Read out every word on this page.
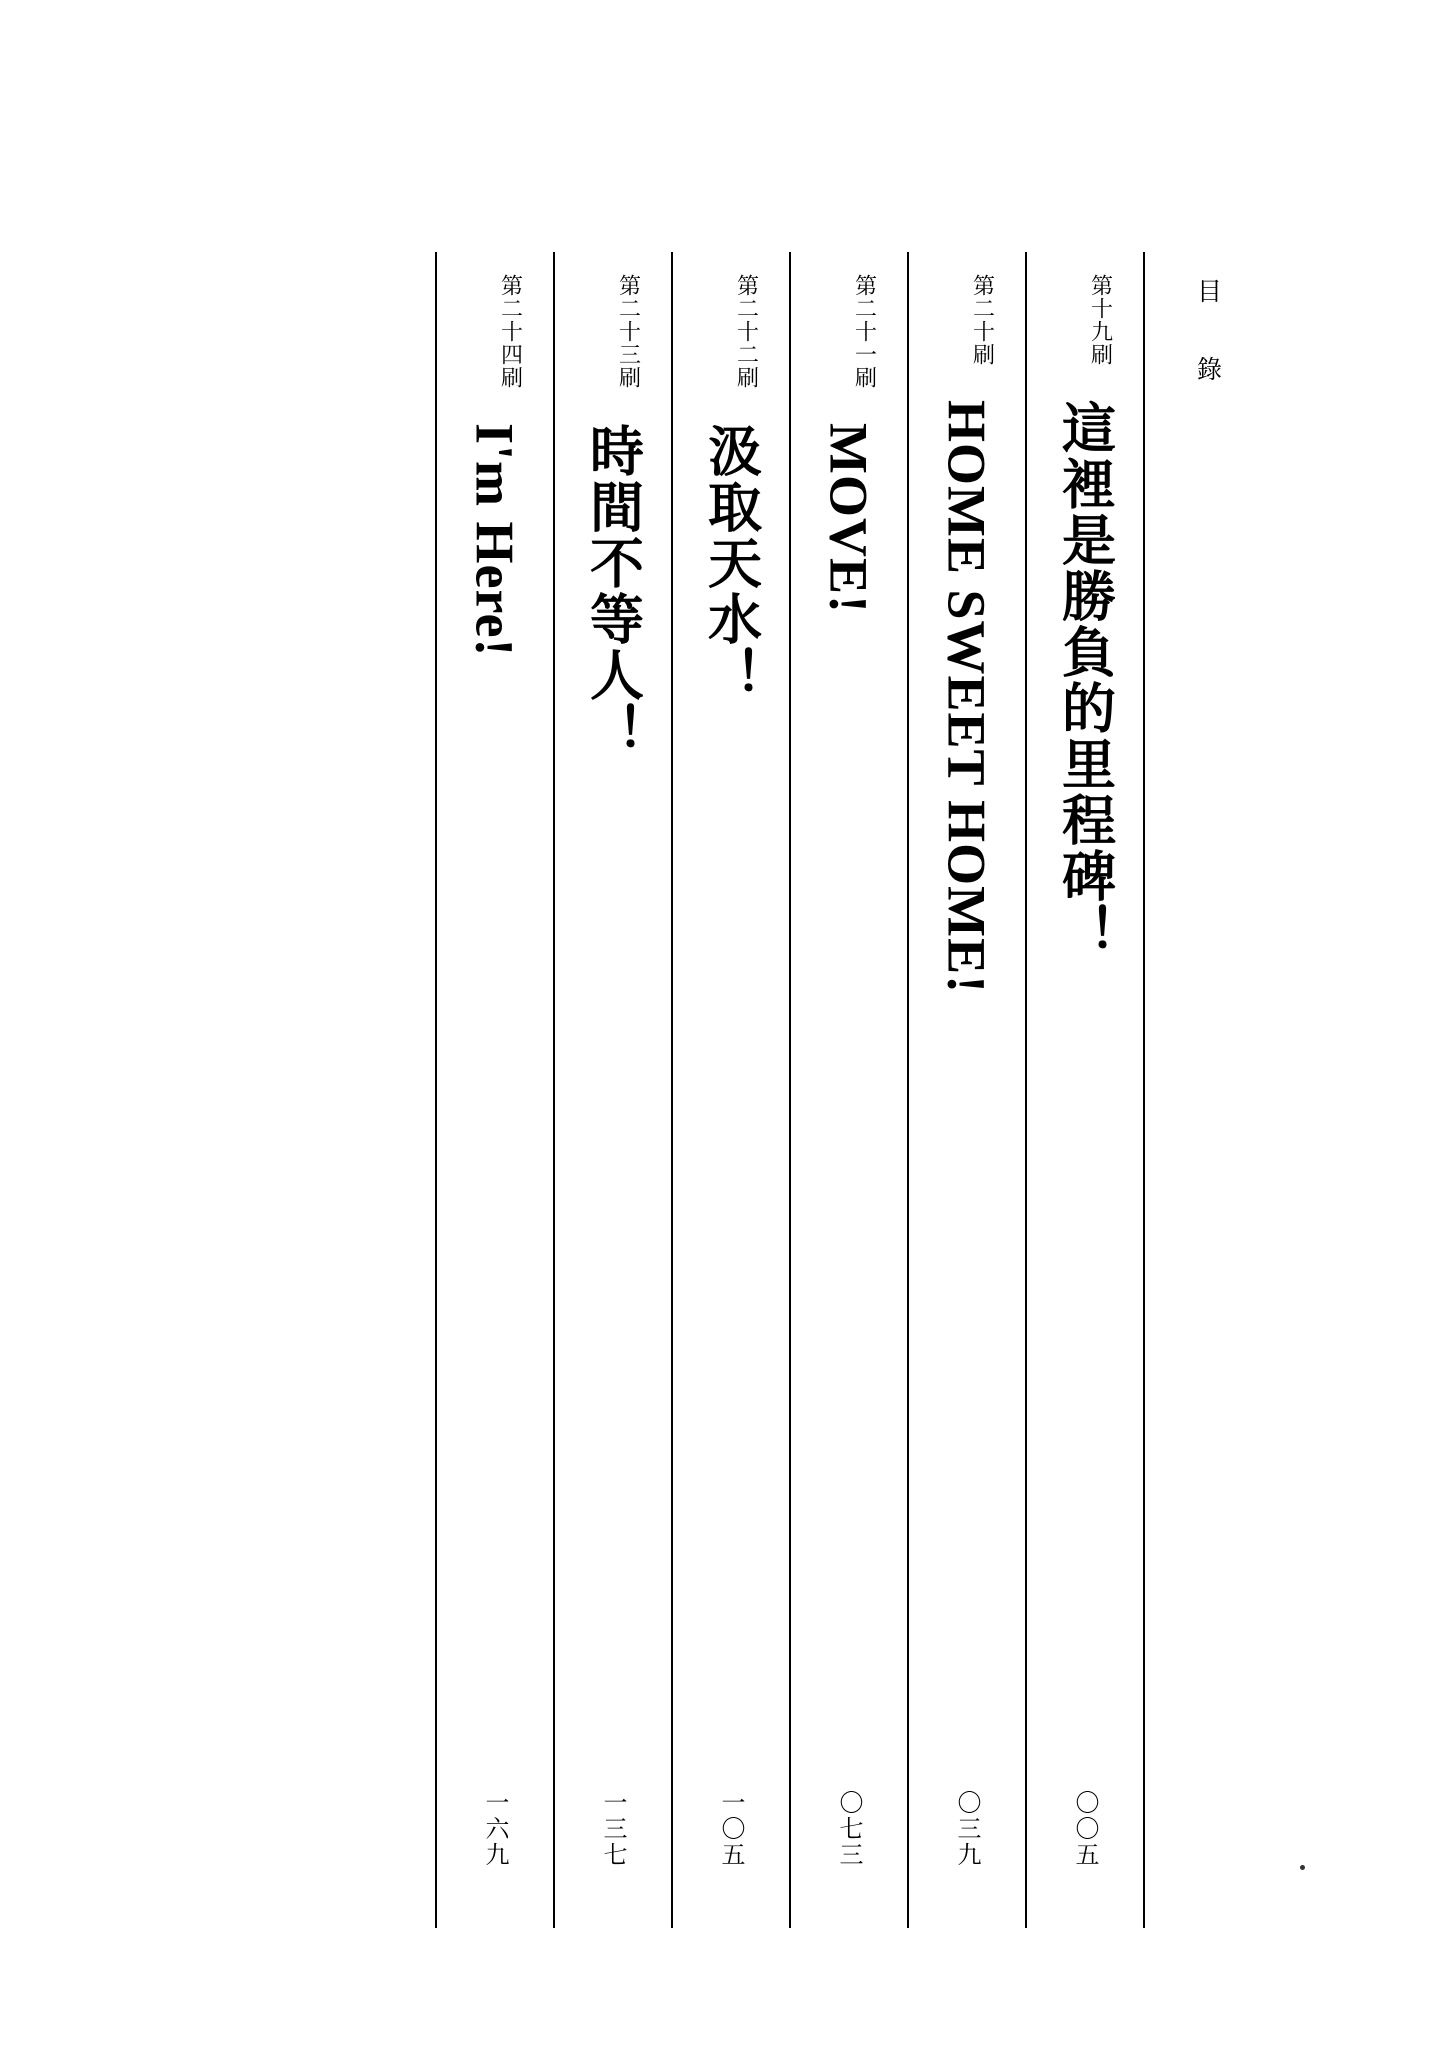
目　錄
第十九刷
這裡是勝負的里程碑！
〇〇五
第二十刷
HOME SWEET HOME!
〇三九
第二十一刷
MOVE!
〇七三
第二十二刷
汲取天水！
一〇五
第二十三刷
時間不等人！
一三七
第二十四刷
I'm Here!
一六九
